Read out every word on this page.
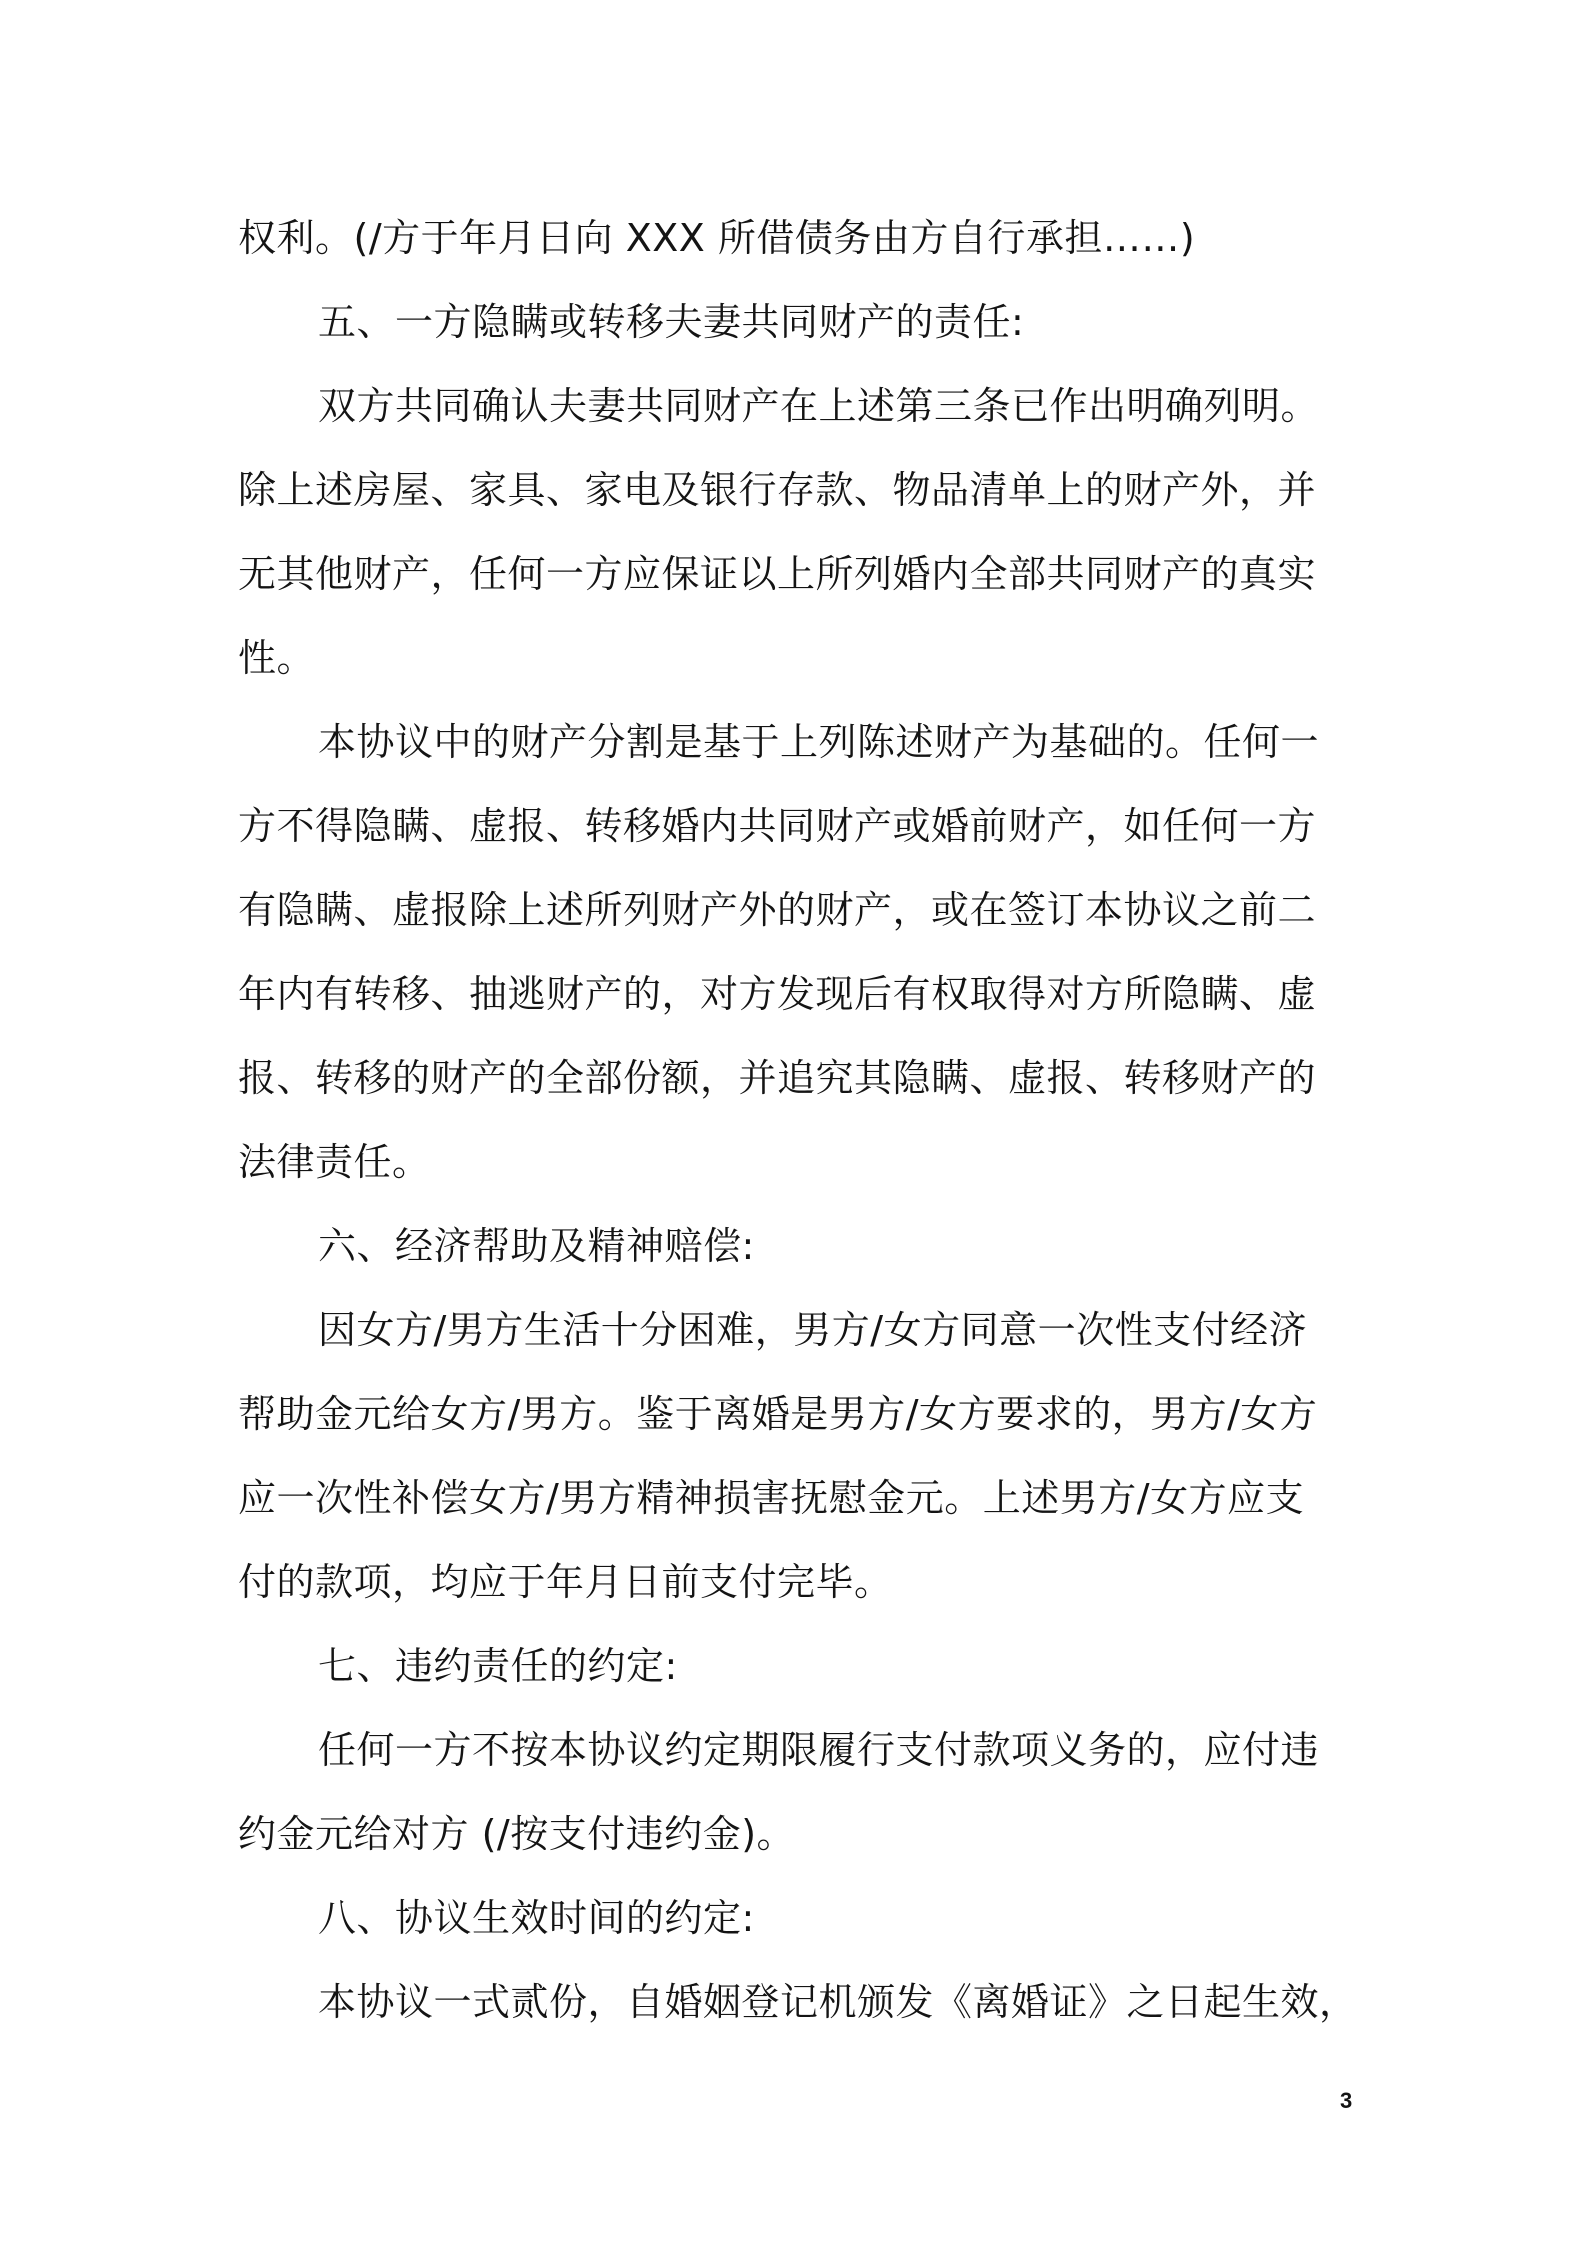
权利。(/方于年月日向 XXX 所借债务由方自行承担……)
五、一方隐瞒或转移夫妻共同财产的责任:
双方共同确认夫妻共同财产在上述第三条已作出明确列明。
除上述房屋、家具、家电及银行存款、物品清单上的财产外，并
无其他财产，任何一方应保证以上所列婚内全部共同财产的真实
性。
本协议中的财产分割是基于上列陈述财产为基础的。任何一
方不得隐瞒、虚报、转移婚内共同财产或婚前财产，如任何一方
有隐瞒、虚报除上述所列财产外的财产，或在签订本协议之前二
年内有转移、抽逃财产的，对方发现后有权取得对方所隐瞒、虚
报、转移的财产的全部份额，并追究其隐瞒、虚报、转移财产的
法律责任。
六、经济帮助及精神赔偿:
因女方/男方生活十分困难，男方/女方同意一次性支付经济
帮助金元给女方/男方。鉴于离婚是男方/女方要求的，男方/女方
应一次性补偿女方/男方精神损害抚慰金元。上述男方/女方应支
付的款项，均应于年月日前支付完毕。
七、违约责任的约定:
任何一方不按本协议约定期限履行支付款项义务的，应付违
约金元给对方 (/按支付违约金)。
八、协议生效时间的约定:
本协议一式贰份，自婚姻登记机颁发《离婚证》之日起生效，
3
